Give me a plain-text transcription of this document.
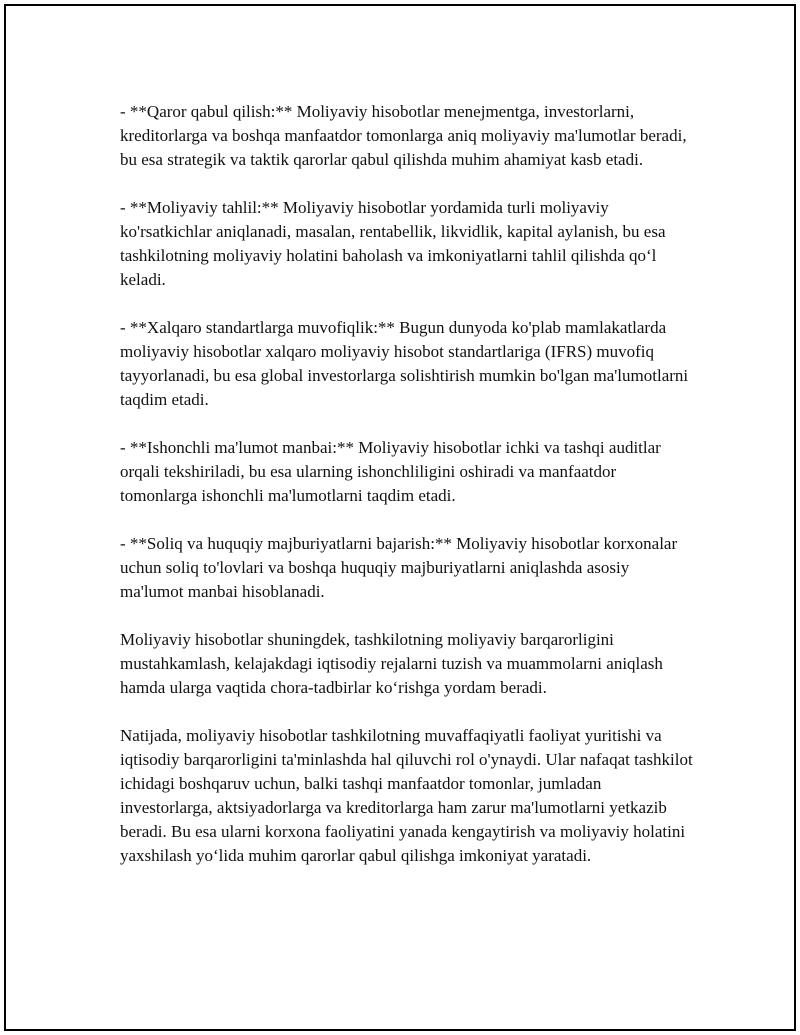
- **Qaror qabul qilish:** Moliyaviy hisobotlar menejmentga, investorlarni, kreditorlarga va boshqa manfaatdor tomonlarga aniq moliyaviy ma'lumotlar beradi, bu esa strategik va taktik qarorlar qabul qilishda muhim ahamiyat kasb etadi.

- **Moliyaviy tahlil:** Moliyaviy hisobotlar yordamida turli moliyaviy ko'rsatkichlar aniqlanadi, masalan, rentabellik, likvidlik, kapital aylanish, bu esa tashkilotning moliyaviy holatini baholash va imkoniyatlarni tahlil qilishda qo‘l keladi.

- **Xalqaro standartlarga muvofiqlik:** Bugun dunyoda ko'plab mamlakatlarda moliyaviy hisobotlar xalqaro moliyaviy hisobot standartlariga (IFRS) muvofiq tayyorlanadi, bu esa global investorlarga solishtirish mumkin bo'lgan ma'lumotlarni taqdim etadi.

- **Ishonchli ma'lumot manbai:** Moliyaviy hisobotlar ichki va tashqi auditlar orqali tekshiriladi, bu esa ularning ishonchliligini oshiradi va manfaatdor tomonlarga ishonchli ma'lumotlarni taqdim etadi.

- **Soliq va huquqiy majburiyatlarni bajarish:** Moliyaviy hisobotlar korxonalar uchun soliq to'lovlari va boshqa huquqiy majburiyatlarni aniqlashda asosiy ma'lumot manbai hisoblanadi.

Moliyaviy hisobotlar shuningdek, tashkilotning moliyaviy barqarorligini mustahkamlash, kelajakdagi iqtisodiy rejalarni tuzish va muammolarni aniqlash hamda ularga vaqtida chora-tadbirlar ko‘rishga yordam beradi.

Natijada, moliyaviy hisobotlar tashkilotning muvaffaqiyatli faoliyat yuritishi va iqtisodiy barqarorligini ta'minlashda hal qiluvchi rol o'ynaydi. Ular nafaqat tashkilot ichidagi boshqaruv uchun, balki tashqi manfaatdor tomonlar, jumladan investorlarga, aktsiyadorlarga va kreditorlarga ham zarur ma'lumotlarni yetkazib beradi. Bu esa ularni korxona faoliyatini yanada kengaytirish va moliyaviy holatini yaxshilash yo‘lida muhim qarorlar qabul qilishga imkoniyat yaratadi.
